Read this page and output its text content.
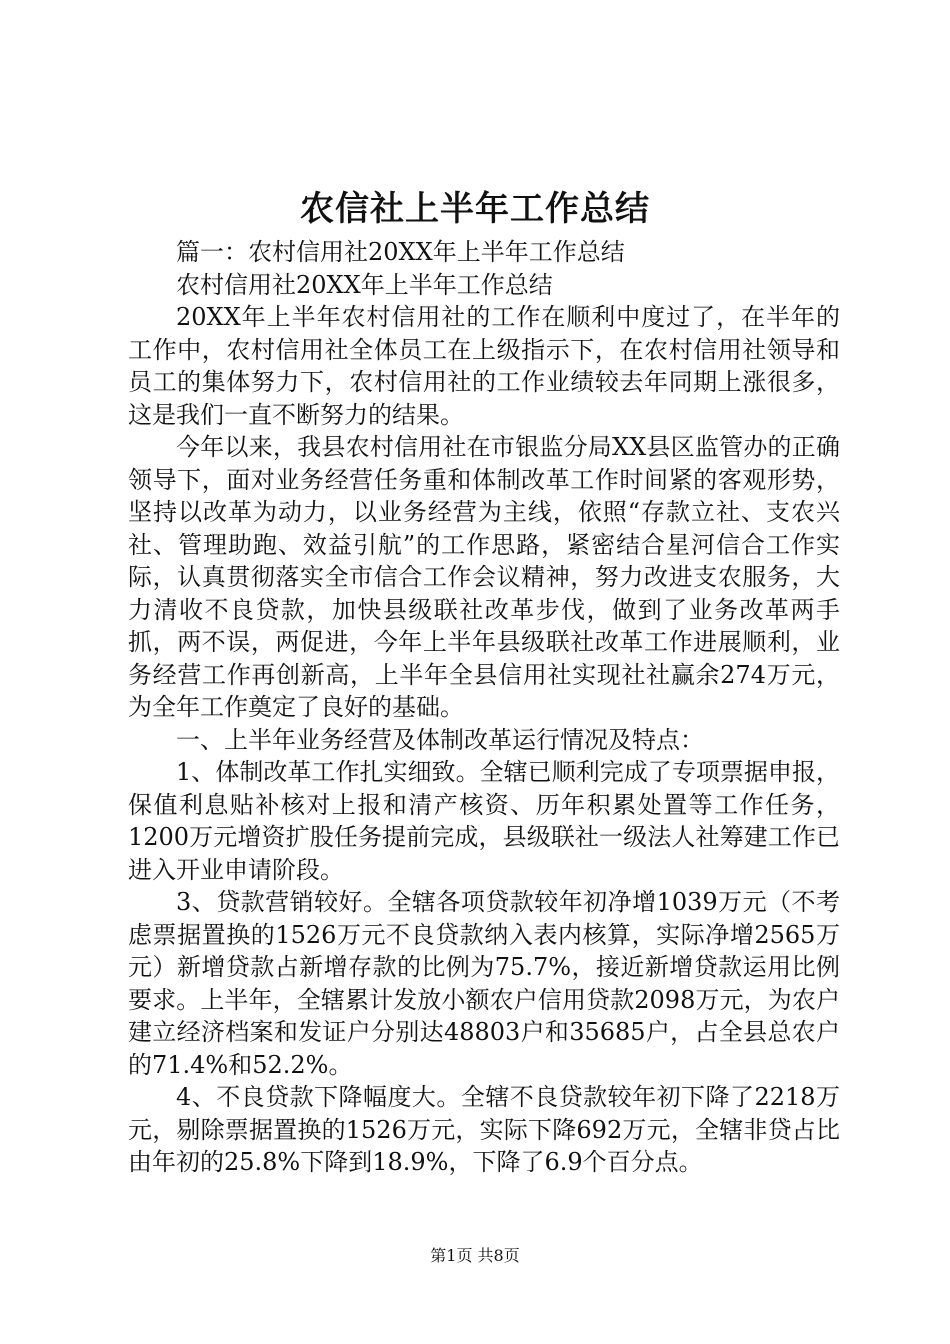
农信社上半年工作总结

篇一：农村信用社20XX年上半年工作总结

农村信用社20XX年上半年工作总结

20XX年上半年农村信用社的工作在顺利中度过了，在半年的工作中，农村信用社全体员工在上级指示下，在农村信用社领导和员工的集体努力下，农村信用社的工作业绩较去年同期上涨很多，这是我们一直不断努力的结果。

今年以来，我县农村信用社在市银监分局XX县区监管办的正确领导下，面对业务经营任务重和体制改革工作时间紧的客观形势，坚持以改革为动力，以业务经营为主线，依照“存款立社、支农兴社、管理助跑、效益引航”的工作思路，紧密结合星河信合工作实际，认真贯彻落实全市信合工作会议精神，努力改进支农服务，大力清收不良贷款，加快县级联社改革步伐，做到了业务改革两手抓，两不误，两促进，今年上半年县级联社改革工作进展顺利，业务经营工作再创新高，上半年全县信用社实现社社赢余274万元，为全年工作奠定了良好的基础。

一、上半年业务经营及体制改革运行情况及特点：

1、体制改革工作扎实细致。全辖已顺利完成了专项票据申报，保值利息贴补核对上报和清产核资、历年积累处置等工作任务，1200万元增资扩股任务提前完成，县级联社一级法人社筹建工作已进入开业申请阶段。

3、贷款营销较好。全辖各项贷款较年初净增1039万元（不考虑票据置换的1526万元不良贷款纳入表内核算，实际净增2565万元）新增贷款占新增存款的比例为75.7%，接近新增贷款运用比例要求。上半年，全辖累计发放小额农户信用贷款2098万元，为农户建立经济档案和发证户分别达48803户和35685户，占全县总农户的71.4%和52.2%。

4、不良贷款下降幅度大。全辖不良贷款较年初下降了2218万元，剔除票据置换的1526万元，实际下降692万元，全辖非贷占比由年初的25.8%下降到18.9%，下降了6.9个百分点。

第1页 共8页
